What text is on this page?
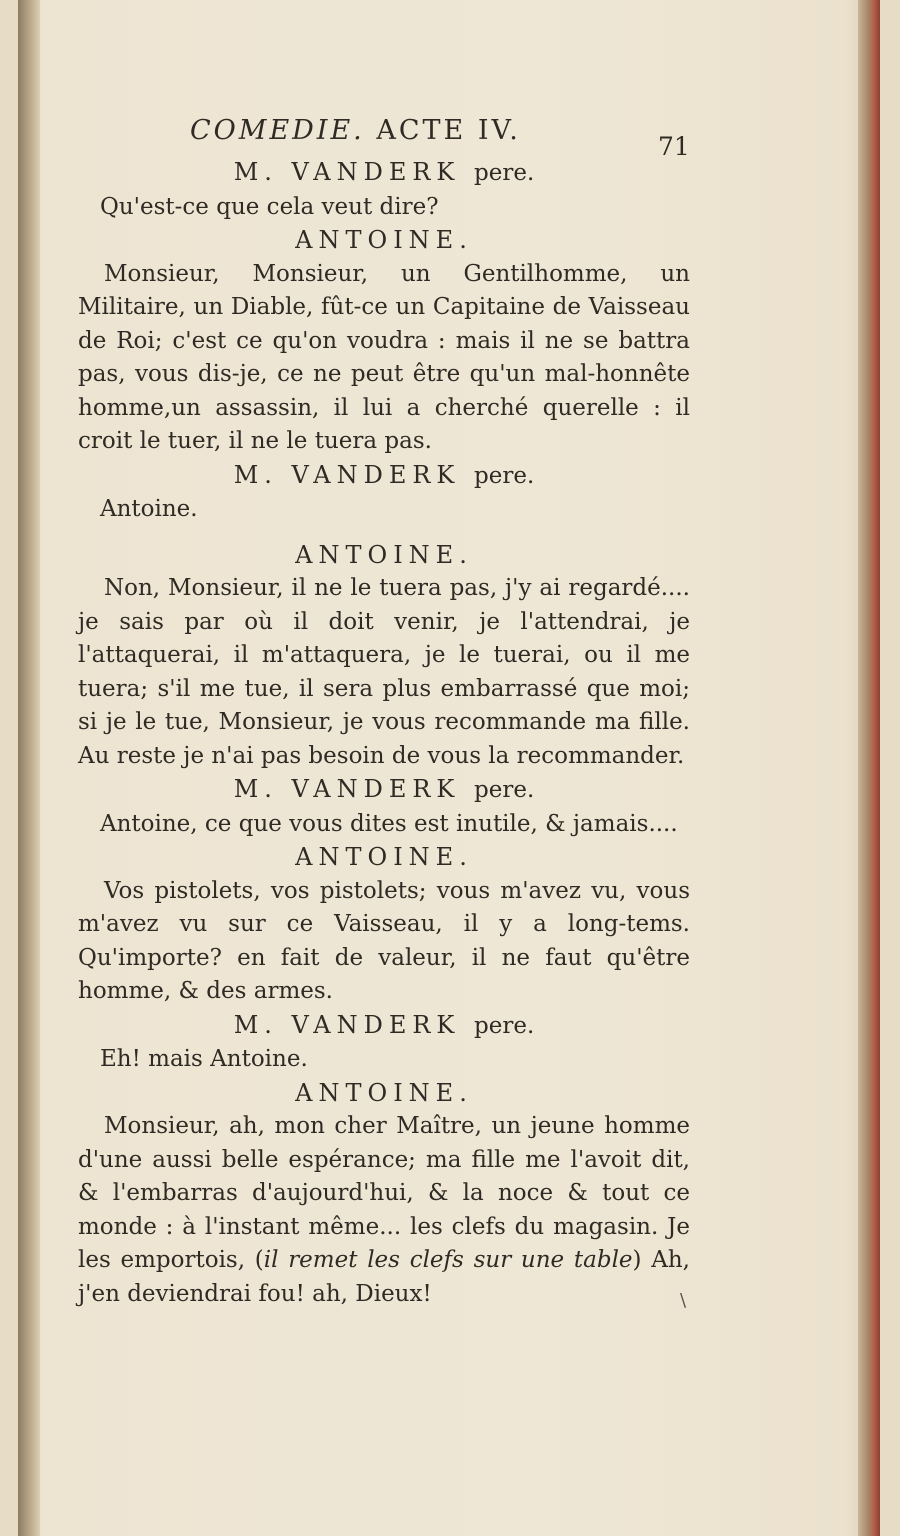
COMEDIE. ACTE IV.
71
M. VANDERK pere.
Qu'est-ce que cela veut dire?
ANTOINE.
Monsieur, Monsieur, un Gentilhomme, un Militaire, un Diable, fût-ce un Capitaine de Vaisseau de Roi; c'est ce qu'on voudra : mais il ne se battra pas, vous dis-je, ce ne peut être qu'un mal-honnête homme,un assassin, il lui a cherché querelle : il croit le tuer, il ne le tuera pas.
M. VANDERK pere.
Antoine.
ANTOINE.
Non, Monsieur, il ne le tuera pas, j'y ai regardé.... je sais par où il doit venir, je l'attendrai, je l'attaquerai, il m'attaquera, je le tuerai, ou il me tuera; s'il me tue, il sera plus embarrassé que moi; si je le tue, Monsieur, je vous recommande ma fille. Au reste je n'ai pas besoin de vous la recommander.
M. VANDERK pere.
Antoine, ce que vous dites est inutile, & jamais....
ANTOINE.
Vos pistolets, vos pistolets; vous m'avez vu, vous m'avez vu sur ce Vaisseau, il y a long-tems. Qu'importe? en fait de valeur, il ne faut qu'être homme, & des armes.
M. VANDERK pere.
Eh! mais Antoine.
ANTOINE.
Monsieur, ah, mon cher Maître, un jeune homme d'une aussi belle espérance; ma fille me l'avoit dit, & l'embarras d'aujourd'hui, & la noce & tout ce monde : à l'instant même... les clefs du magasin. Je les emportois, (il remet les clefs sur une table) Ah, j'en deviendrai fou! ah, Dieux!	\
